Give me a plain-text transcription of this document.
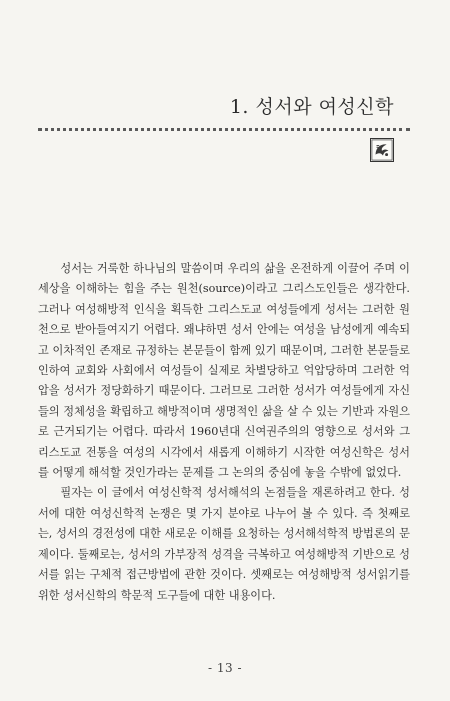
1. 성서와 여성신학

성서는 거룩한 하나님의 말씀이며 우리의 삶을 온전하게 이끌어 주며 이 세상을 이해하는 힘을 주는 원천(source)이라고 그리스도인들은 생각한다. 그러나 여성해방적 인식을 획득한 그리스도교 여성들에게 성서는 그러한 원천으로 받아들여지기 어렵다. 왜냐하면 성서 안에는 여성을 남성에게 예속되고 이차적인 존재로 규정하는 본문들이 함께 있기 때문이며, 그러한 본문들로 인하여 교회와 사회에서 여성들이 실제로 차별당하고 억압당하며 그러한 억압을 성서가 정당화하기 때문이다. 그러므로 그러한 성서가 여성들에게 자신들의 정체성을 확립하고 해방적이며 생명적인 삶을 살 수 있는 기반과 자원으로 근거되기는 어렵다. 따라서 1960년대 신여권주의의 영향으로 성서와 그리스도교 전통을 여성의 시각에서 새롭게 이해하기 시작한 여성신학은 성서를 어떻게 해석할 것인가라는 문제를 그 논의의 중심에 놓을 수밖에 없었다.

필자는 이 글에서 여성신학적 성서해석의 논점들을 재론하려고 한다. 성서에 대한 여성신학적 논쟁은 몇 가지 분야로 나누어 볼 수 있다. 즉 첫째로는, 성서의 경전성에 대한 새로운 이해를 요청하는 성서해석학적 방법론의 문제이다. 둘째로는, 성서의 가부장적 성격을 극복하고 여성해방적 기반으로 성서를 읽는 구체적 접근방법에 관한 것이다. 셋째로는 여성해방적 성서읽기를 위한 성서신학의 학문적 도구들에 대한 내용이다.

- 13 -
